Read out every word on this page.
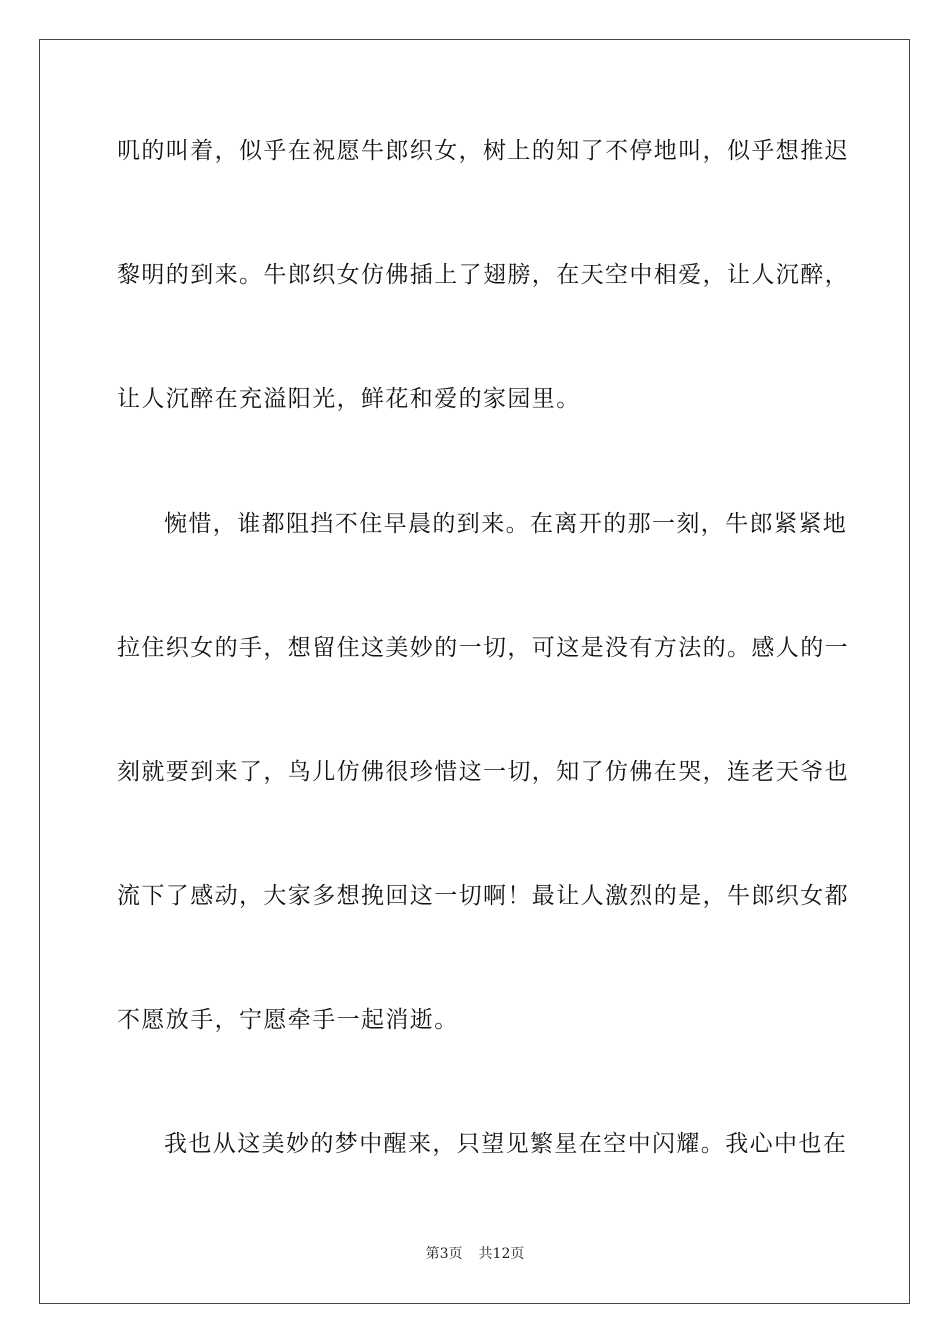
叽的叫着，似乎在祝愿牛郎织女，树上的知了不停地叫，似乎想推迟
黎明的到来。牛郎织女仿佛插上了翅膀，在天空中相爱，让人沉醉，
让人沉醉在充溢阳光，鲜花和爱的家园里。
惋惜，谁都阻挡不住早晨的到来。在离开的那一刻，牛郎紧紧地
拉住织女的手，想留住这美妙的一切，可这是没有方法的。感人的一
刻就要到来了，鸟儿仿佛很珍惜这一切，知了仿佛在哭，连老天爷也
流下了感动，大家多想挽回这一切啊！最让人激烈的是，牛郎织女都
不愿放手，宁愿牵手一起消逝。
我也从这美妙的梦中醒来，只望见繁星在空中闪耀。我心中也在
第3页 共12页
